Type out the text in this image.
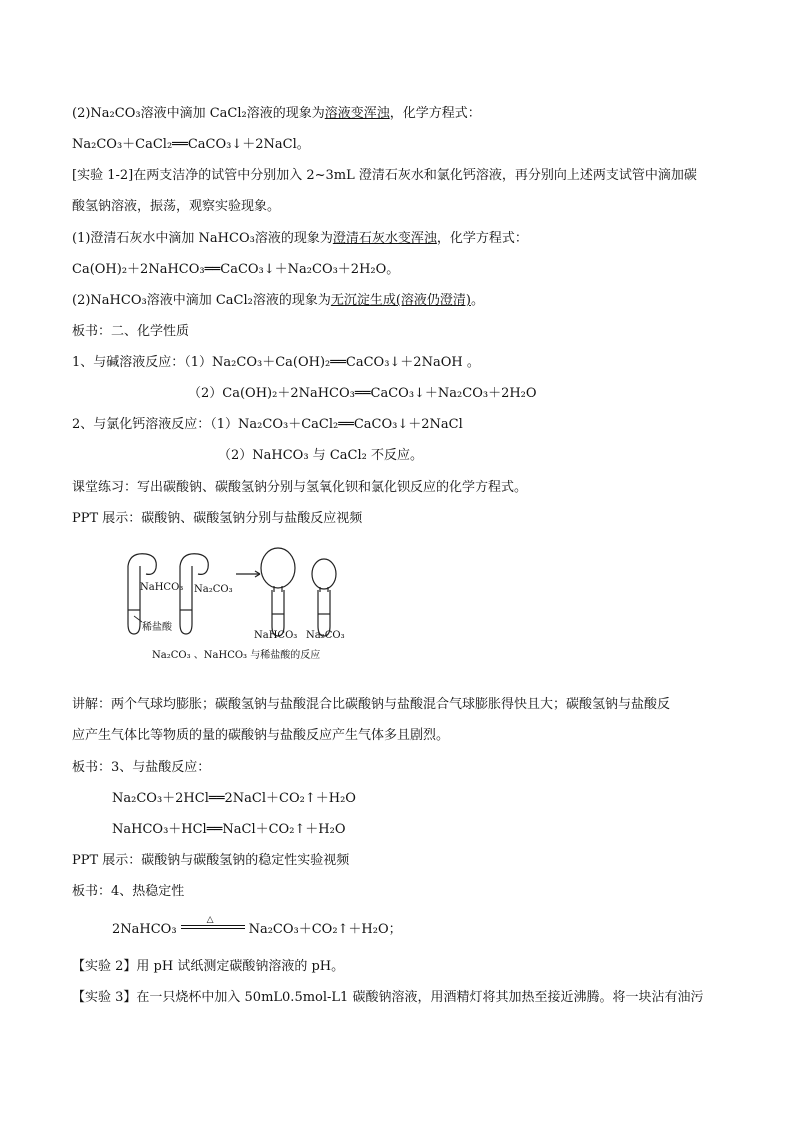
(2)Na₂CO₃溶液中滴加 CaCl₂溶液的现象为溶液变浑浊，化学方程式：
Na₂CO₃＋CaCl₂══CaCO₃↓＋2NaCl。
[实验 1-2]在两支洁净的试管中分别加入 2~3mL 澄清石灰水和氯化钙溶液，再分别向上述两支试管中滴加碳
酸氢钠溶液，振荡，观察实验现象。
(1)澄清石灰水中滴加 NaHCO₃溶液的现象为澄清石灰水变浑浊，化学方程式：
Ca(OH)₂＋2NaHCO₃══CaCO₃↓＋Na₂CO₃＋2H₂O。
(2)NaHCO₃溶液中滴加 CaCl₂溶液的现象为无沉淀生成(溶液仍澄清)。
板书：二、化学性质
1、与碱溶液反应：（1）Na₂CO₃＋Ca(OH)₂══CaCO₃↓＋2NaOH 。
（2）Ca(OH)₂＋2NaHCO₃══CaCO₃↓＋Na₂CO₃＋2H₂O
2、与氯化钙溶液反应：（1）Na₂CO₃＋CaCl₂══CaCO₃↓＋2NaCl
（2）NaHCO₃ 与 CaCl₂ 不反应。
课堂练习：写出碳酸钠、碳酸氢钠分别与氢氧化钡和氯化钡反应的化学方程式。
PPT 展示：碳酸钠、碳酸氢钠分别与盐酸反应视频
NaHCO₃ Na₂CO₃
稀盐酸
NaHCO₃ Na₂CO₃
Na₂CO₃ 、NaHCO₃ 与稀盐酸的反应
讲解：两个气球均膨胀；碳酸氢钠与盐酸混合比碳酸钠与盐酸混合气球膨胀得快且大；碳酸氢钠与盐酸反
应产生气体比等物质的量的碳酸钠与盐酸反应产生气体多且剧烈。
板书：3、与盐酸反应：
Na₂CO₃＋2HCl══2NaCl＋CO₂↑＋H₂O
NaHCO₃＋HCl══NaCl＋CO₂↑＋H₂O
PPT 展示：碳酸钠与碳酸氢钠的稳定性实验视频
板书：4、热稳定性
2NaHCO₃
△
Na₂CO₃＋CO₂↑＋H₂O；
【实验 2】用 pH 试纸测定碳酸钠溶液的 pH。
【实验 3】在一只烧杯中加入 50mL0.5mol-L1 碳酸钠溶液，用酒精灯将其加热至接近沸腾。将一块沾有油污
